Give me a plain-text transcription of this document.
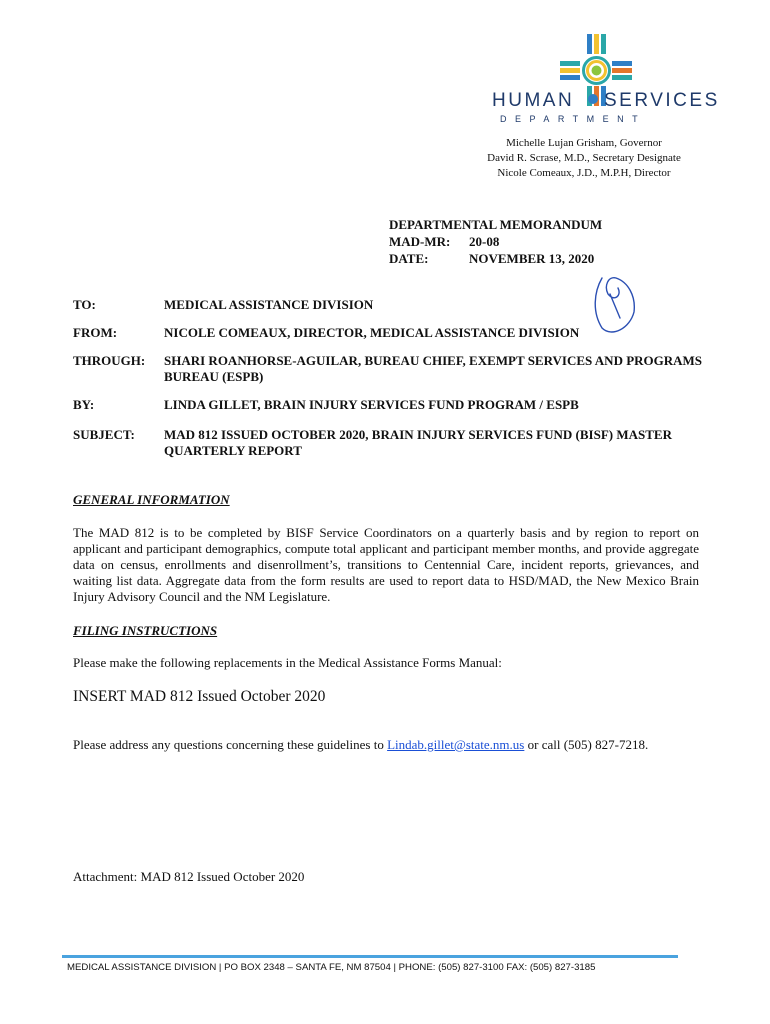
HUMAN SERVICES
DEPARTMENT
Michelle Lujan Grisham, Governor
David R. Scrase, M.D., Secretary Designate
Nicole Comeaux, J.D., M.P.H, Director
DEPARTMENTAL MEMORANDUM
MAD-MR:	20-08
DATE:	NOVEMBER 13, 2020
TO:	MEDICAL ASSISTANCE DIVISION
FROM:	NICOLE COMEAUX, DIRECTOR, MEDICAL ASSISTANCE DIVISION
THROUGH:	SHARI ROANHORSE-AGUILAR, BUREAU CHIEF, EXEMPT SERVICES AND PROGRAMS BUREAU (ESPB)
BY:	LINDA GILLET, BRAIN INJURY SERVICES FUND PROGRAM / ESPB
SUBJECT:	MAD 812 ISSUED OCTOBER 2020, BRAIN INJURY SERVICES FUND (BISF) MASTER QUARTERLY REPORT
GENERAL INFORMATION
The MAD 812 is to be completed by BISF Service Coordinators on a quarterly basis and by region to report on applicant and participant demographics, compute total applicant and participant member months, and provide aggregate data on census, enrollments and disenrollment’s, transitions to Centennial Care, incident reports, grievances, and waiting list data. Aggregate data from the form results are used to report data to HSD/MAD, the New Mexico Brain Injury Advisory Council and the NM Legislature.
FILING INSTRUCTIONS
Please make the following replacements in the Medical Assistance Forms Manual:
INSERT MAD 812 Issued October 2020
Please address any questions concerning these guidelines to Lindab.gillet@state.nm.us or call (505) 827-7218.
Attachment: MAD 812 Issued October 2020
MEDICAL ASSISTANCE DIVISION | PO BOX 2348 – SANTA FE, NM 87504 | PHONE: (505) 827-3100 FAX: (505) 827-3185
